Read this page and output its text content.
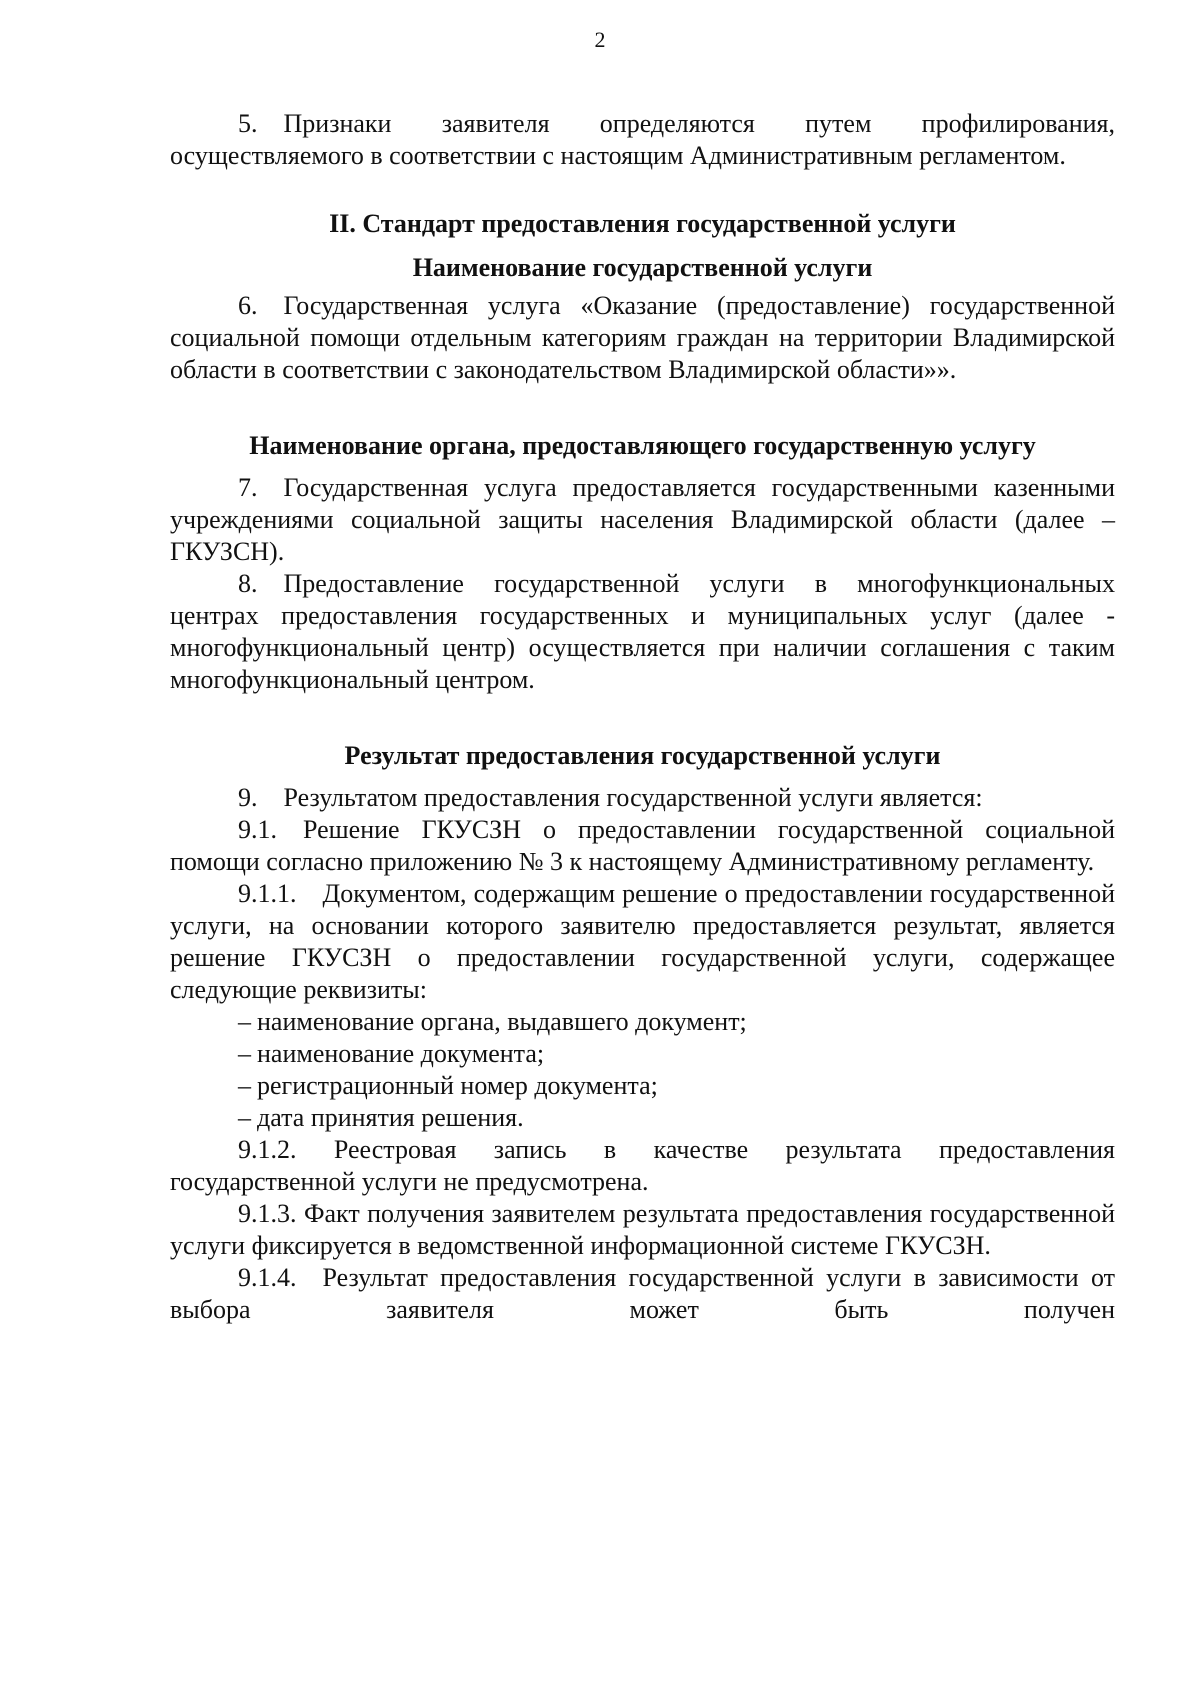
2

5. Признаки заявителя определяются путем профилирования, осуществляемого в соответствии с настоящим Административным регламентом.

II. Стандарт предоставления государственной услуги

Наименование государственной услуги

6. Государственная услуга «Оказание (предоставление) государственной социальной помощи отдельным категориям граждан на территории Владимирской области в соответствии с законодательством Владимирской области»».

Наименование органа, предоставляющего государственную услугу

7. Государственная услуга предоставляется государственными казенными учреждениями социальной защиты населения Владимирской области (далее – ГКУЗСН).

8. Предоставление государственной услуги в многофункциональных центрах предоставления государственных и муниципальных услуг (далее - многофункциональный центр) осуществляется при наличии соглашения с таким многофункциональный центром.

Результат предоставления государственной услуги

9. Результатом предоставления государственной услуги является:

9.1. Решение ГКУСЗН о предоставлении государственной социальной помощи согласно приложению № 3 к настоящему Административному регламенту.

9.1.1. Документом, содержащим решение о предоставлении государственной услуги, на основании которого заявителю предоставляется результат, является решение ГКУСЗН о предоставлении государственной услуги, содержащее следующие реквизиты:

– наименование органа, выдавшего документ;
– наименование документа;
– регистрационный номер документа;
– дата принятия решения.

9.1.2. Реестровая запись в качестве результата предоставления государственной услуги не предусмотрена.

9.1.3. Факт получения заявителем результата предоставления государственной услуги фиксируется в ведомственной информационной системе ГКУСЗН.

9.1.4. Результат предоставления государственной услуги в зависимости от выбора заявителя может быть получен
